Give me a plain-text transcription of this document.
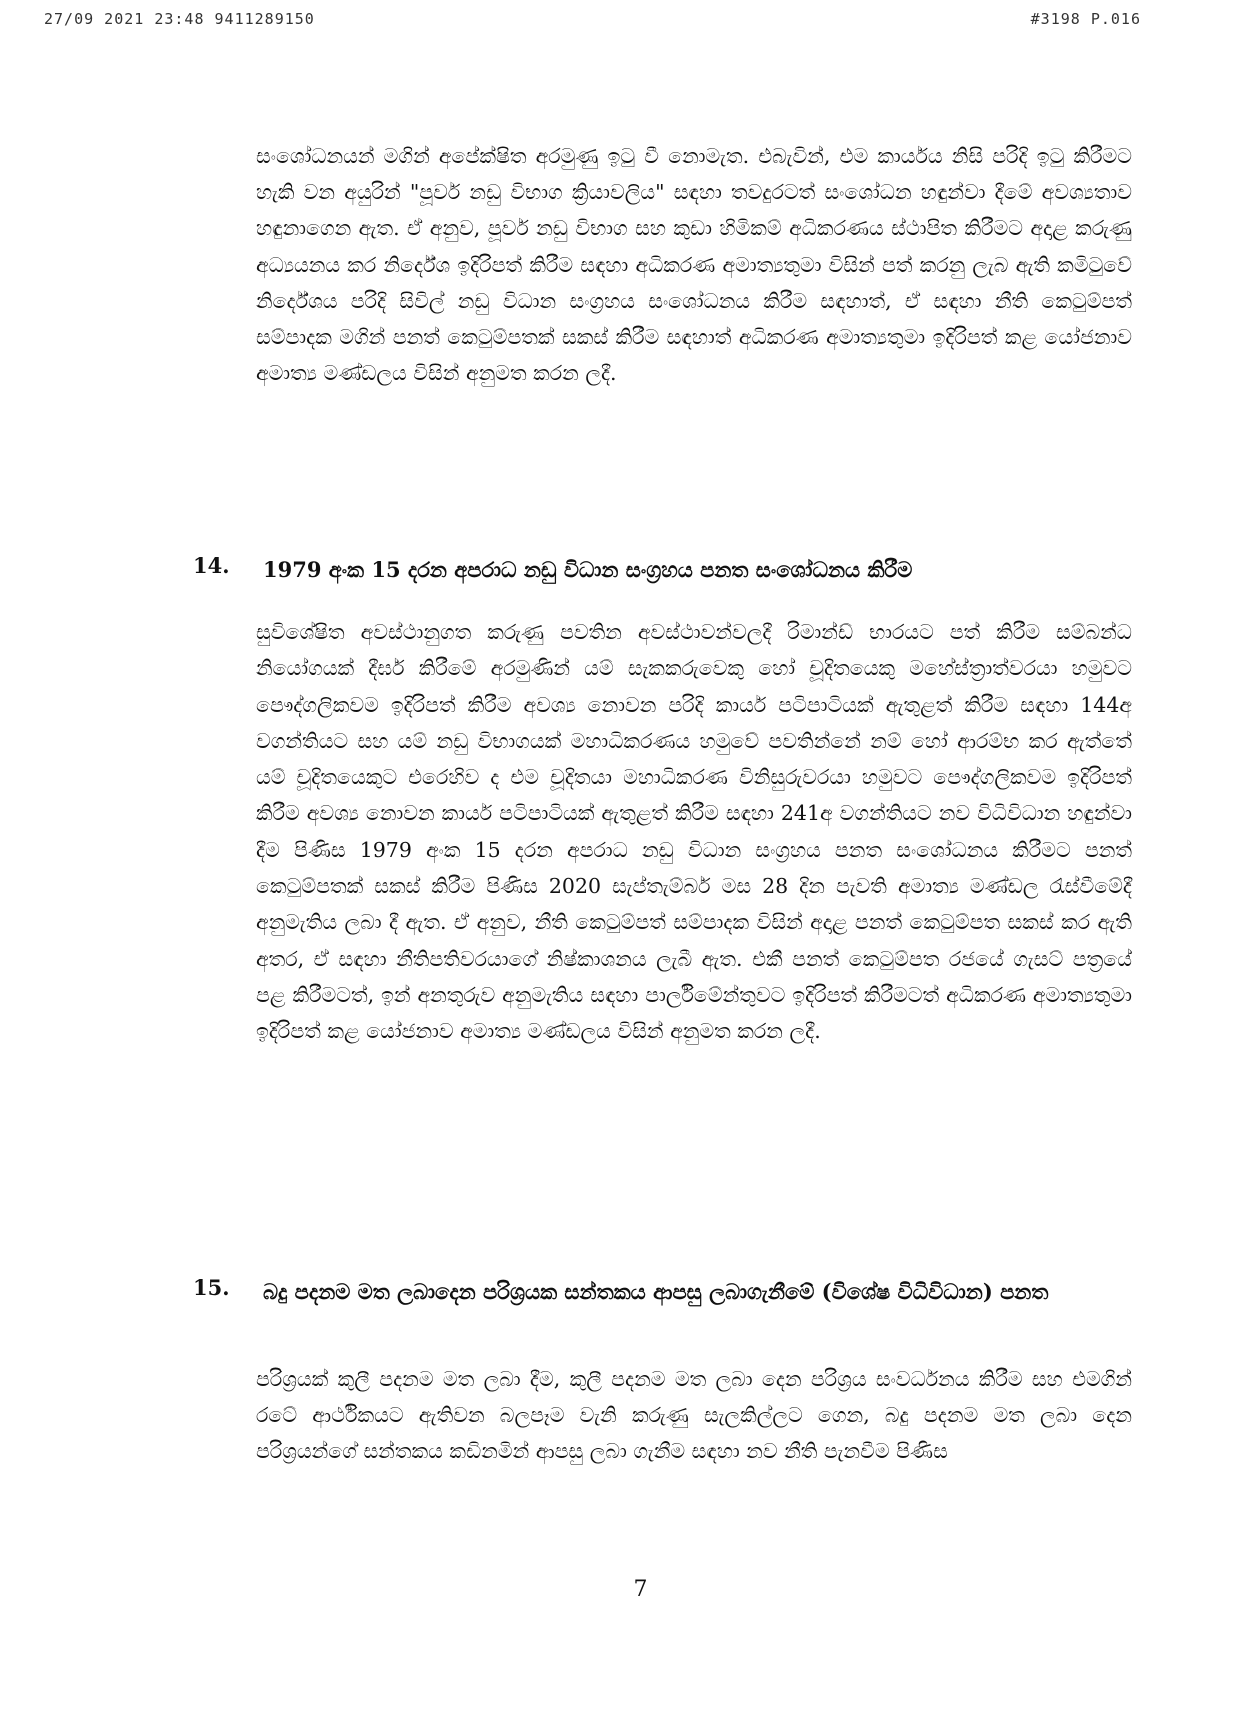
27/09 2021 23:48 9411289150	#3198 P.016
සංශෝධනයන් මගින් අපේක්ෂිත අරමුණු ඉටු වී නොමැත. එබැවින්, එම කාර්යය නිසි පරිදි ඉටු කිරීමට හැකි වන අයුරින් "පූර්ව නඩු විභාග ක්‍රියාවලිය" සඳහා තවදුරටත් සංශෝධන හඳුන්වා දීමේ අවශ්‍යතාව හඳුනාගෙන ඇත. ඒ අනුව, පූර්ව නඩු විභාග සහ කුඩා හිමිකම් අධිකරණය ස්ථාපිත කිරීමට අදාළ කරුණු අධ්‍යයනය කර නිර්දේශ ඉදිරිපත් කිරීම සඳහා අධිකරණ අමාත්‍යතුමා විසින් පත් කරනු ලැබ ඇති කමිටුවේ නිර්දේශය පරිදි සිවිල් නඩු විධාන සංග්‍රහය සංශෝධනය කිරීම සඳහාත්, ඒ සඳහා නීති කෙටුම්පත් සම්පාදක මගින් පනත් කෙටුම්පතක් සකස් කිරීම සඳහාත් අධිකරණ අමාත්‍යතුමා ඉදිරිපත් කළ යෝජනාව අමාත්‍ය මණ්ඩලය විසින් අනුමත කරන ලදී.
14. 1979 අංක 15 දරන අපරාධ නඩු විධාන සංග්‍රහය පනත සංශෝධනය කිරීම
සුවිශේෂිත අවස්ථානුගත කරුණු පවතින අවස්ථාවන්වලදී රිමාන්ඩ් භාරයට පත් කිරීම සම්බන්ධ නියෝගයක් දීර්ඝ කිරීමේ අරමුණින් යම් සැකකරුවෙකු හෝ චූදිතයෙකු මහේස්ත්‍රාත්වරයා හමුවට පෞද්ගලිකවම ඉදිරිපත් කිරීම අවශ්‍ය නොවන පරිදි කාර්ය පටිපාටියක් ඇතුළත් කිරීම සඳහා 144අ වගන්තියට සහ යම් නඩු විභාගයක් මහාධිකරණය හමුවේ පවතින්නේ නම් හෝ ආරම්භ කර ඇත්තේ යම් චූදිතයෙකුට එරෙහිව ද එම චූදිතයා මහාධිකරණ විනිසුරුවරයා හමුවට පෞද්ගලිකවම ඉදිරිපත් කිරීම අවශ්‍ය නොවන කාර්ය පටිපාටියක් ඇතුළත් කිරීම සඳහා 241අ වගන්තියට නව විධිවිධාන හඳුන්වා දීම පිණිස 1979 අංක 15 දරන අපරාධ නඩු විධාන සංග්‍රහය පනත සංශෝධනය කිරීමට පනත් කෙටුම්පතක් සකස් කිරීම පිණිස 2020 සැප්තැම්බර් මස 28 දින පැවති අමාත්‍ය මණ්ඩල රැස්වීමේදී අනුමැතිය ලබා දී ඇත. ඒ අනුව, නීති කෙටුම්පත් සම්පාදක විසින් අදාළ පනත් කෙටුම්පත සකස් කර ඇති අතර, ඒ සඳහා නීතිපතිවරයාගේ නිෂ්කාශනය ලැබී ඇත. එකී පනත් කෙටුම්පත රජයේ ගැසට් පත්‍රයේ පළ කිරීමටත්, ඉන් අනතුරුව අනුමැතිය සඳහා පාර්ලිමේන්තුවට ඉදිරිපත් කිරීමටත් අධිකරණ අමාත්‍යතුමා ඉදිරිපත් කළ යෝජනාව අමාත්‍ය මණ්ඩලය විසින් අනුමත කරන ලදී.
15. බදු පදනම මත ලබාදෙන පරිශ්‍රයක සන්තකය ආපසු ලබාගැනීමේ (විශේෂ විධිවිධාන) පනත
පරිශ්‍රයක් කුලී පදනම මත ලබා දීම, කුලී පදනම මත ලබා දෙන පරිශ්‍රය සංවර්ධනය කිරීම සහ එමගින් රටේ ආර්ථිකයට ඇතිවන බලපෑම වැනි කරුණු සැලකිල්ලට ගෙන, බදු පදනම මත ලබා දෙන පරිශ්‍රයන්ගේ සන්තකය කඩිනමින් ආපසු ලබා ගැනීම සඳහා නව නීති පැනවීම පිණිස
7
